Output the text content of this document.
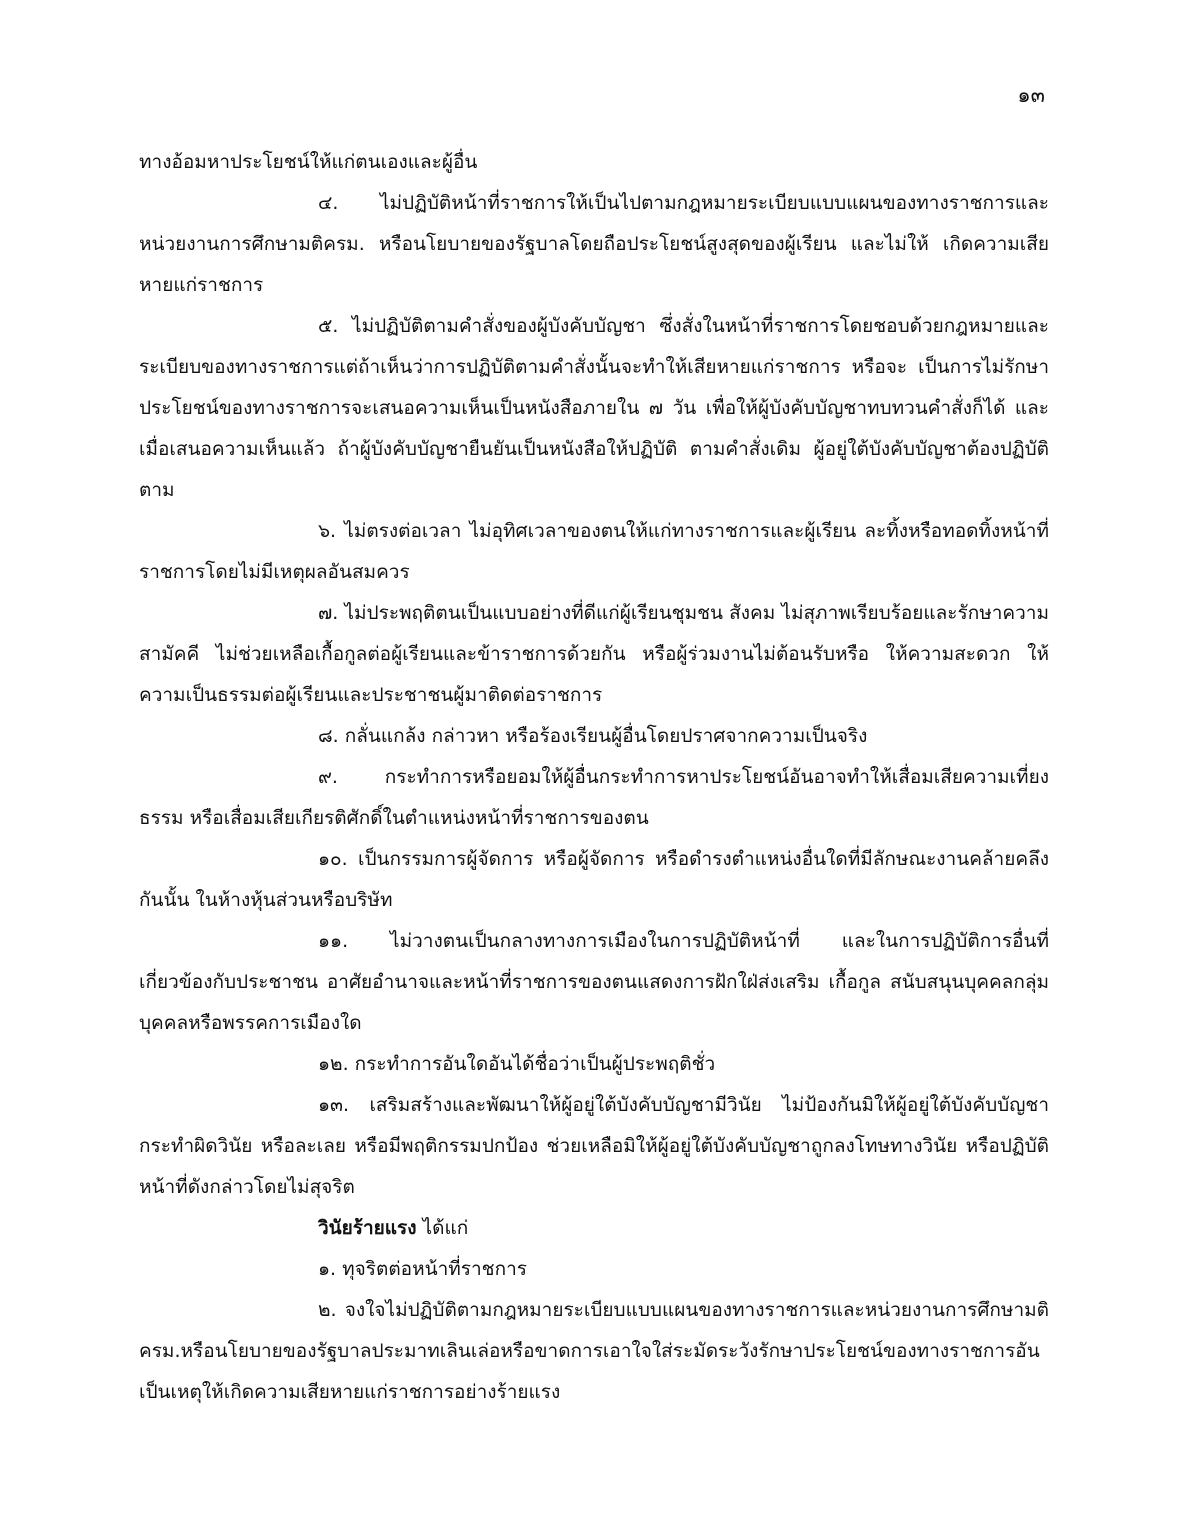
๑๓

ทางอ้อมหาประโยชน์ให้แก่ตนเองและผู้อื่น

๔. ไม่ปฏิบัติหน้าที่ราชการให้เป็นไปตามกฎหมายระเบียบแบบแผนของทางราชการและหน่วยงานการศึกษามติครม. หรือนโยบายของรัฐบาลโดยถือประโยชน์สูงสุดของผู้เรียน และไม่ให้ เกิดความเสียหายแก่ราชการ

๕. ไม่ปฏิบัติตามคำสั่งของผู้บังคับบัญชา ซึ่งสั่งในหน้าที่ราชการโดยชอบด้วยกฎหมายและระเบียบของทางราชการแต่ถ้าเห็นว่าการปฏิบัติตามคำสั่งนั้นจะทำให้เสียหายแก่ราชการ หรือจะ เป็นการไม่รักษาประโยชน์ของทางราชการจะเสนอความเห็นเป็นหนังสือภายใน ๗ วัน เพื่อให้ผู้บังคับบัญชาทบทวนคำสั่งก็ได้ และเมื่อเสนอความเห็นแล้ว ถ้าผู้บังคับบัญชายืนยันเป็นหนังสือให้ปฏิบัติ ตามคำสั่งเดิม ผู้อยู่ใต้บังคับบัญชาต้องปฏิบัติตาม

๖. ไม่ตรงต่อเวลา ไม่อุทิศเวลาของตนให้แก่ทางราชการและผู้เรียน ละทิ้งหรือทอดทิ้งหน้าที่ราชการโดยไม่มีเหตุผลอันสมควร

๗. ไม่ประพฤติตนเป็นแบบอย่างที่ดีแก่ผู้เรียนชุมชน สังคม ไม่สุภาพเรียบร้อยและรักษาความสามัคคี ไม่ช่วยเหลือเกื้อกูลต่อผู้เรียนและข้าราชการด้วยกัน หรือผู้ร่วมงานไม่ต้อนรับหรือ ให้ความสะดวก ให้ความเป็นธรรมต่อผู้เรียนและประชาชนผู้มาติดต่อราชการ

๘. กลั่นแกล้ง กล่าวหา หรือร้องเรียนผู้อื่นโดยปราศจากความเป็นจริง

๙. กระทำการหรือยอมให้ผู้อื่นกระทำการหาประโยชน์อันอาจทำให้เสื่อมเสียความเที่ยงธรรม หรือเสื่อมเสียเกียรติศักดิ์ในตำแหน่งหน้าที่ราชการของตน

๑๐. เป็นกรรมการผู้จัดการ หรือผู้จัดการ หรือดำรงตำแหน่งอื่นใดที่มีลักษณะงานคล้ายคลึงกันนั้น ในห้างหุ้นส่วนหรือบริษัท

๑๑. ไม่วางตนเป็นกลางทางการเมืองในการปฏิบัติหน้าที่ และในการปฏิบัติการอื่นที่เกี่ยวข้องกับประชาชน อาศัยอำนาจและหน้าที่ราชการของตนแสดงการฝักใฝ่ส่งเสริม เกื้อกูล สนับสนุนบุคคลกลุ่มบุคคลหรือพรรคการเมืองใด

๑๒. กระทำการอันใดอันได้ชื่อว่าเป็นผู้ประพฤติชั่ว

๑๓. เสริมสร้างและพัฒนาให้ผู้อยู่ใต้บังคับบัญชามีวินัย ไม่ป้องกันมิให้ผู้อยู่ใต้บังคับบัญชากระทำผิดวินัย หรือละเลย หรือมีพฤติกรรมปกป้อง ช่วยเหลือมิให้ผู้อยู่ใต้บังคับบัญชาถูกลงโทษทางวินัย หรือปฏิบัติหน้าที่ดังกล่าวโดยไม่สุจริต

วินัยร้ายแรง ได้แก่

๑. ทุจริตต่อหน้าที่ราชการ

๒. จงใจไม่ปฏิบัติตามกฎหมายระเบียบแบบแผนของทางราชการและหน่วยงานการศึกษามติ ครม.หรือนโยบายของรัฐบาลประมาทเลินเล่อหรือขาดการเอาใจใส่ระมัดระวังรักษาประโยชน์ของทางราชการอันเป็นเหตุให้เกิดความเสียหายแก่ราชการอย่างร้ายแรง
